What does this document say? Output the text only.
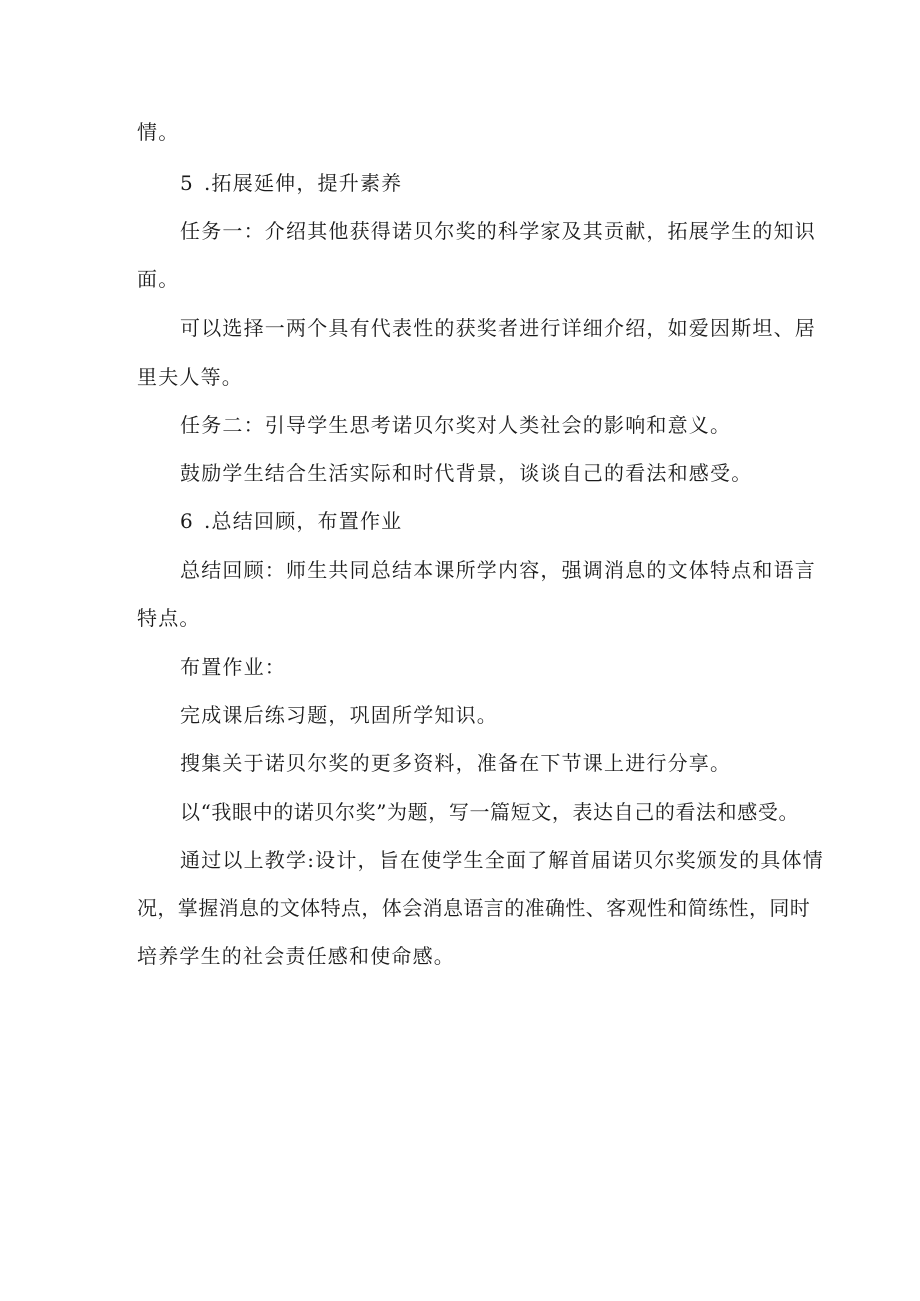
情。
5 .拓展延伸，提升素养
任务一：介绍其他获得诺贝尔奖的科学家及其贡献，拓展学生的知识
面。
可以选择一两个具有代表性的获奖者进行详细介绍，如爱因斯坦、居
里夫人等。
任务二：引导学生思考诺贝尔奖对人类社会的影响和意义。
鼓励学生结合生活实际和时代背景，谈谈自己的看法和感受。
6 .总结回顾，布置作业
总结回顾：师生共同总结本课所学内容，强调消息的文体特点和语言
特点。
布置作业：
完成课后练习题，巩固所学知识。
搜集关于诺贝尔奖的更多资料，准备在下节课上进行分享。
以“我眼中的诺贝尔奖”为题，写一篇短文，表达自己的看法和感受。
通过以上教学:设计，旨在使学生全面了解首届诺贝尔奖颁发的具体情
况，掌握消息的文体特点，体会消息语言的准确性、客观性和简练性，同时
培养学生的社会责任感和使命感。
